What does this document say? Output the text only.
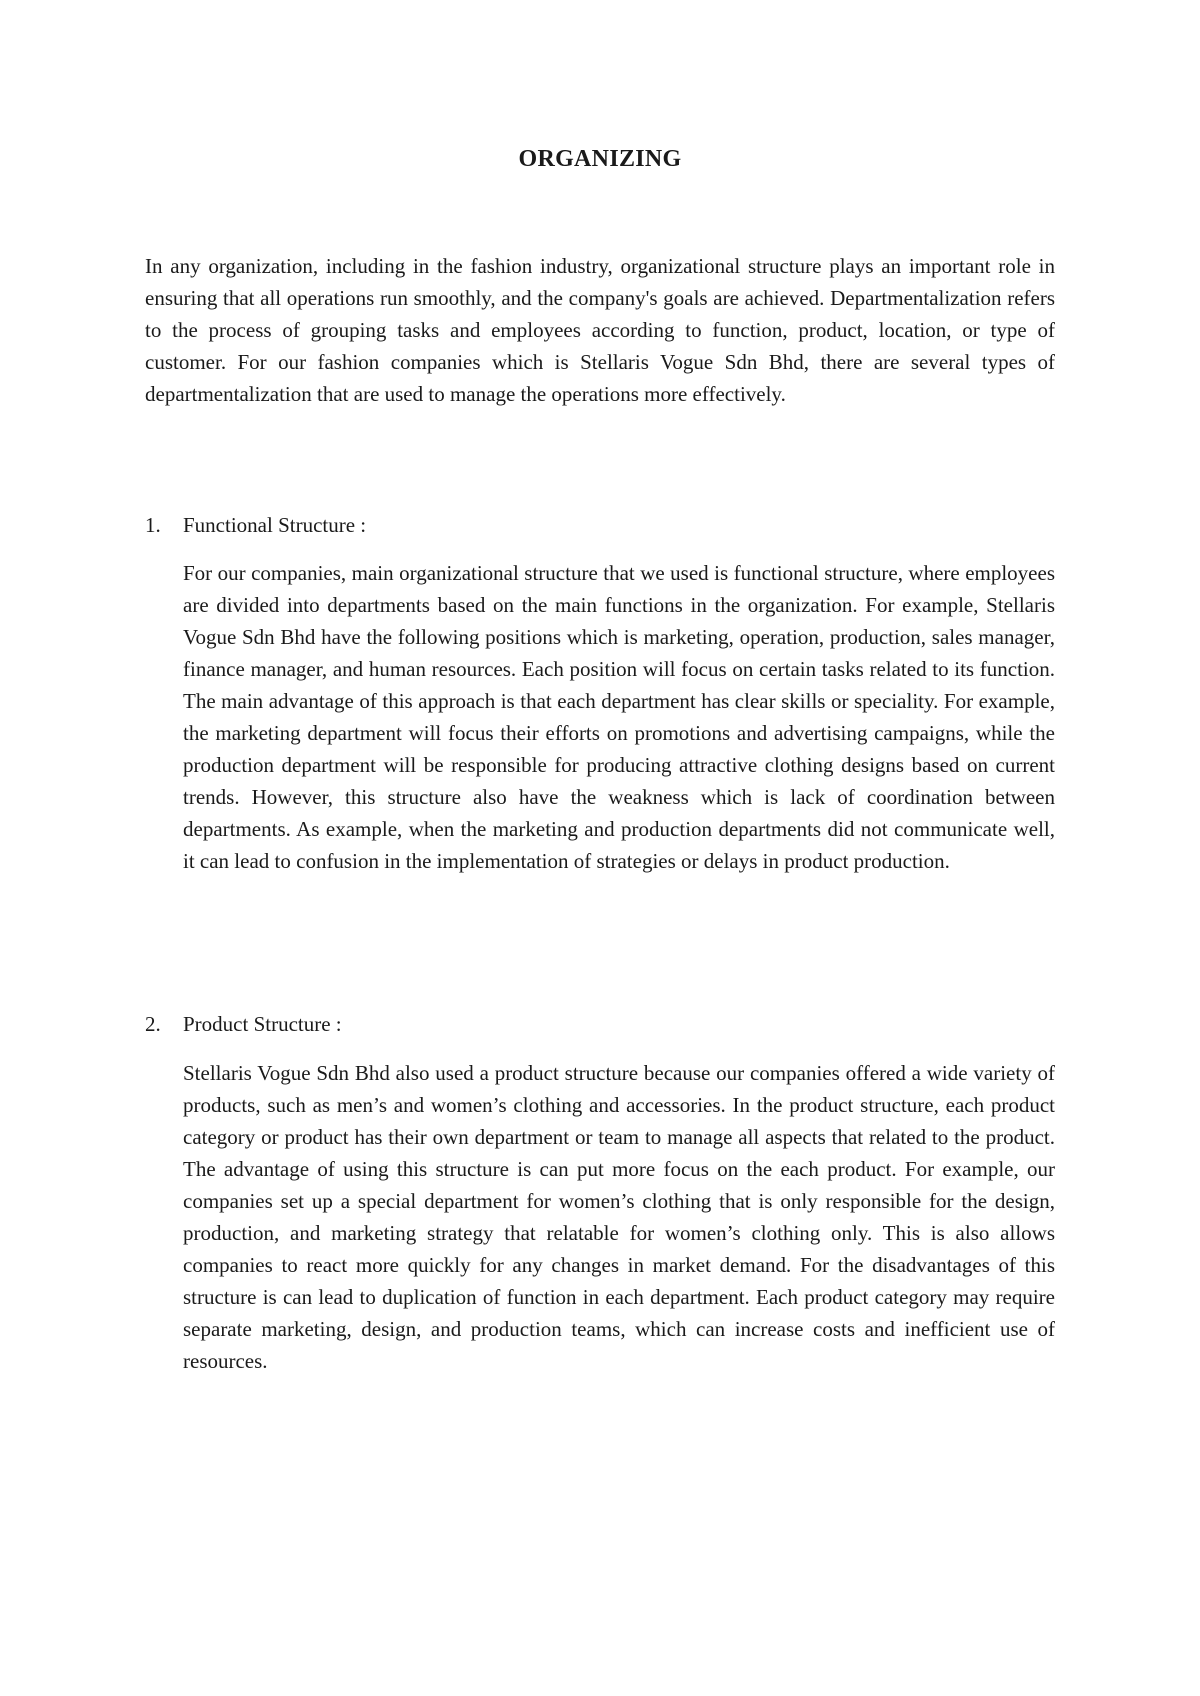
ORGANIZING

In any organization, including in the fashion industry, organizational structure plays an important role in ensuring that all operations run smoothly, and the company's goals are achieved. Departmentalization refers to the process of grouping tasks and employees according to function, product, location, or type of customer. For our fashion companies which is Stellaris Vogue Sdn Bhd, there are several types of departmentalization that are used to manage the operations more effectively.

1.	Functional Structure :

For our companies, main organizational structure that we used is functional structure, where employees are divided into departments based on the main functions in the organization. For example, Stellaris Vogue Sdn Bhd have the following positions which is marketing, operation, production, sales manager, finance manager, and human resources. Each position will focus on certain tasks related to its function. The main advantage of this approach is that each department has clear skills or speciality. For example, the marketing department will focus their efforts on promotions and advertising campaigns, while the production department will be responsible for producing attractive clothing designs based on current trends. However, this structure also have the weakness which is lack of coordination between departments. As example, when the marketing and production departments did not communicate well, it can lead to confusion in the implementation of strategies or delays in product production.

2.	Product Structure :

Stellaris Vogue Sdn Bhd also used a product structure because our companies offered a wide variety of products, such as men’s and women’s clothing and accessories. In the product structure, each product category or product has their own department or team to manage all aspects that related to the product. The advantage of using this structure is can put more focus on the each product. For example, our companies set up a special department for women’s clothing that is only responsible for the design, production, and marketing strategy that relatable for women’s clothing only. This is also allows companies to react more quickly for any changes in market demand. For the disadvantages of this structure is can lead to duplication of function in each department. Each product category may require separate marketing, design, and production teams, which can increase costs and inefficient use of resources.
